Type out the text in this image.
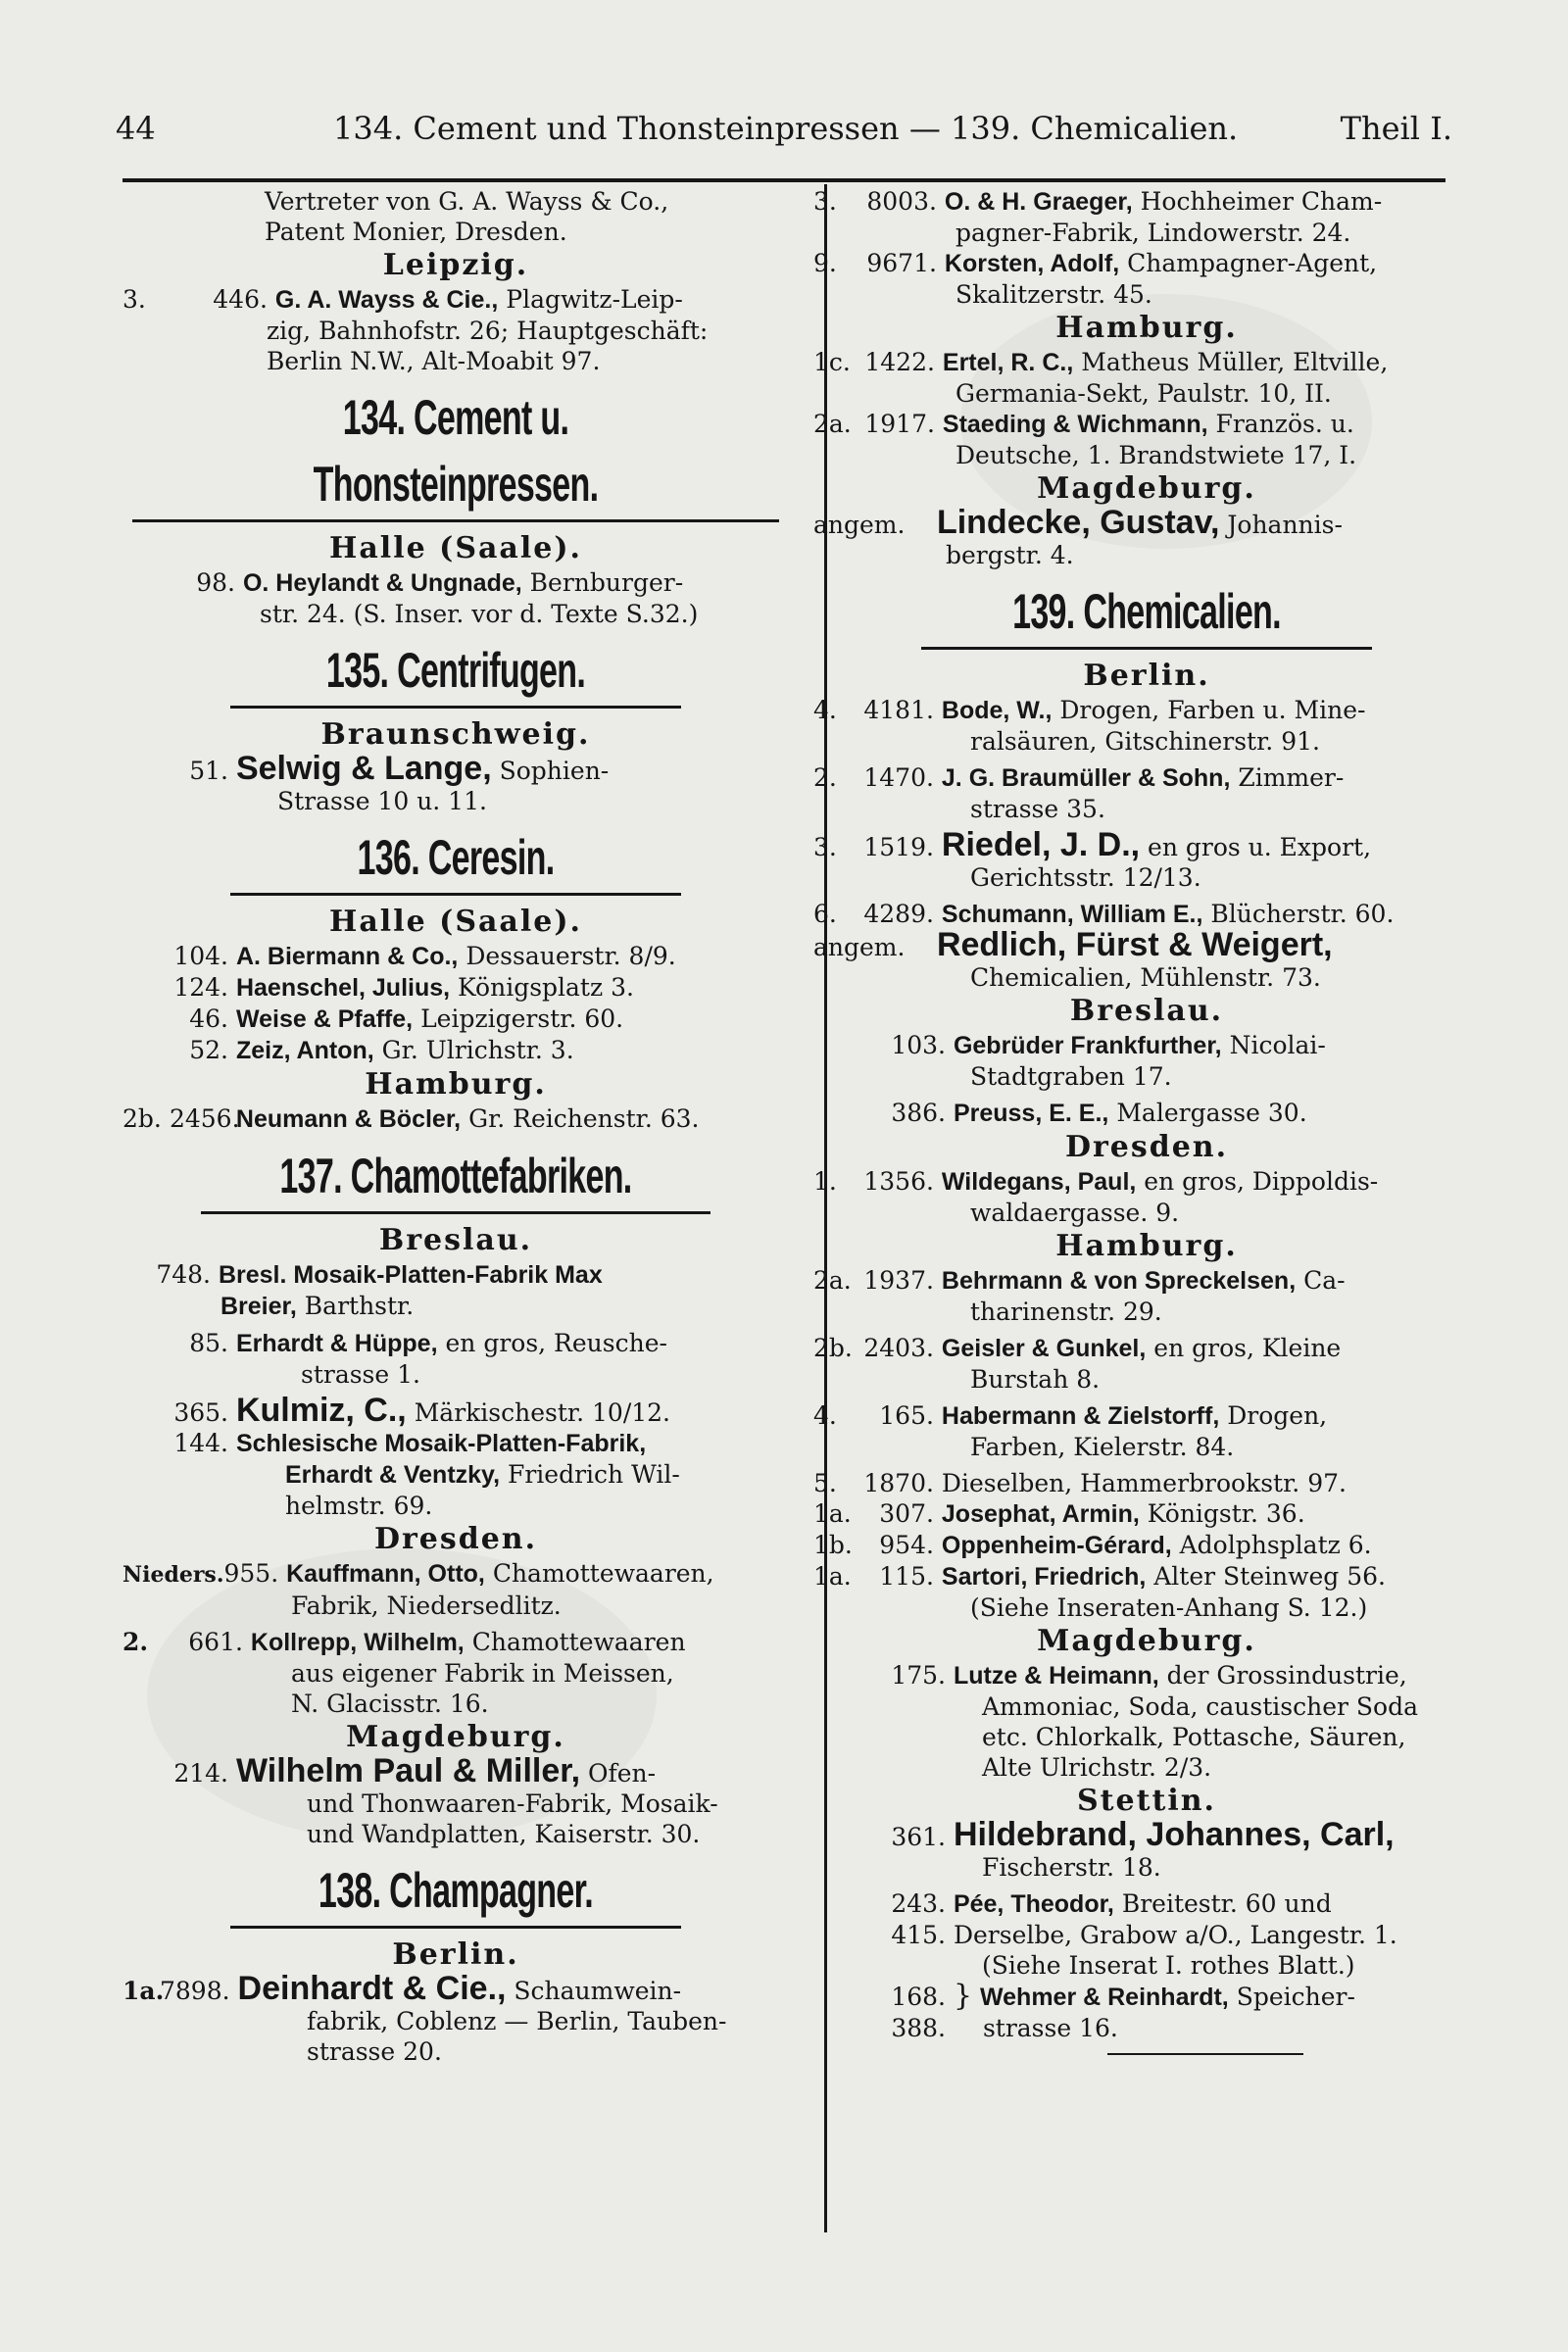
44	134. Cement und Thonsteinpressen — 139. Chemicalien.	Theil I.
Vertreter von G. A. Wayss & Co.,
Patent Monier, Dresden.
Leipzig.
3.	446. G. A. Wayss & Cie., Plagwitz-Leip-
zig, Bahnhofstr. 26; Hauptgeschäft:
Berlin N.W., Alt-Moabit 97.
134. Cement u. Thonsteinpressen.
Halle (Saale).
98. O. Heylandt & Ungnade, Bernburger-
str. 24. (S. Inser. vor d. Texte S.32.)
135. Centrifugen.
Braunschweig.
51. Selwig & Lange, Sophien-
Strasse 10 u. 11.
136. Ceresin.
Halle (Saale).
104. A. Biermann & Co., Dessauerstr. 8/9.
124. Haenschel, Julius, Königsplatz 3.
46. Weise & Pfaffe, Leipzigerstr. 60.
52. Zeiz, Anton, Gr. Ulrichstr. 3.
Hamburg.
2b. 2456. Neumann & Böcler, Gr. Reichenstr. 63.
137. Chamottefabriken.
Breslau.
748. Bresl. Mosaik-Platten-Fabrik Max
Breier, Barthstr.
85. Erhardt & Hüppe, en gros, Reusche-
strasse 1.
365. Kulmiz, C., Märkischestr. 10/12.
144. Schlesische Mosaik-Platten-Fabrik,
Erhardt & Ventzky, Friedrich Wil-
helmstr. 69.
Dresden.
Nieders.955. Kauffmann, Otto, Chamottewaaren,
Fabrik, Niedersedlitz.
2. 661. Kollrepp, Wilhelm, Chamottewaaren
aus eigener Fabrik in Meissen,
N. Glacisstr. 16.
Magdeburg.
214. Wilhelm Paul & Miller, Ofen-
und Thonwaaren-Fabrik, Mosaik-
und Wandplatten, Kaiserstr. 30.
138. Champagner.
Berlin.
1a.7898. Deinhardt & Cie., Schaumwein-
fabrik, Coblenz — Berlin, Tauben-
strasse 20.
3. 8003. O. & H. Graeger, Hochheimer Cham-
pagner-Fabrik, Lindowerstr. 24.
9. 9671. Korsten, Adolf, Champagner-Agent,
Skalitzerstr. 45.
Hamburg.
1c. 1422. Ertel, R. C., Matheus Müller, Eltville,
Germania-Sekt, Paulstr. 10, II.
2a. 1917. Staeding & Wichmann, Französ. u.
Deutsche, 1. Brandstwiete 17, I.
Magdeburg.
angem. Lindecke, Gustav, Johannis-
bergstr. 4.
139. Chemicalien.
Berlin.
4. 4181. Bode, W., Drogen, Farben u. Mine-
ralsäuren, Gitschinerstr. 91.
2. 1470. J. G. Braumüller & Sohn, Zimmer-
strasse 35.
3. 1519. Riedel, J. D., en gros u. Export,
Gerichtsstr. 12/13.
6. 4289. Schumann, William E., Blücherstr. 60.
angem. Redlich, Fürst & Weigert,
Chemicalien, Mühlenstr. 73.
Breslau.
103. Gebrüder Frankfurther, Nicolai-
Stadtgraben 17.
386. Preuss, E. E., Malergasse 30.
Dresden.
1. 1356. Wildegans, Paul, en gros, Dippoldis-
waldaergasse. 9.
Hamburg.
2a. 1937. Behrmann & von Spreckelsen, Ca-
tharinenstr. 29.
2b. 2403. Geisler & Gunkel, en gros, Kleine
Burstah 8.
4. 165. Habermann & Zielstorff, Drogen,
Farben, Kielerstr. 84.
5. 1870. Dieselben, Hammerbrookstr. 97.
1a. 307. Josephat, Armin, Königstr. 36.
1b. 954. Oppenheim-Gérard, Adolphsplatz 6.
1a. 115. Sartori, Friedrich, Alter Steinweg 56.
(Siehe Inseraten-Anhang S. 12.)
Magdeburg.
175. Lutze & Heimann, der Grossindustrie,
Ammoniac, Soda, caustischer Soda
etc. Chlorkalk, Pottasche, Säuren,
Alte Ulrichstr. 2/3.
Stettin.
361. Hildebrand, Johannes, Carl,
Fischerstr. 18.
243. Pée, Theodor, Breitestr. 60 und
415. Derselbe, Grabow a/O., Langestr. 1.
(Siehe Inserat I. rothes Blatt.)
168. } Wehmer & Reinhardt, Speicher-
388. strasse 16.
